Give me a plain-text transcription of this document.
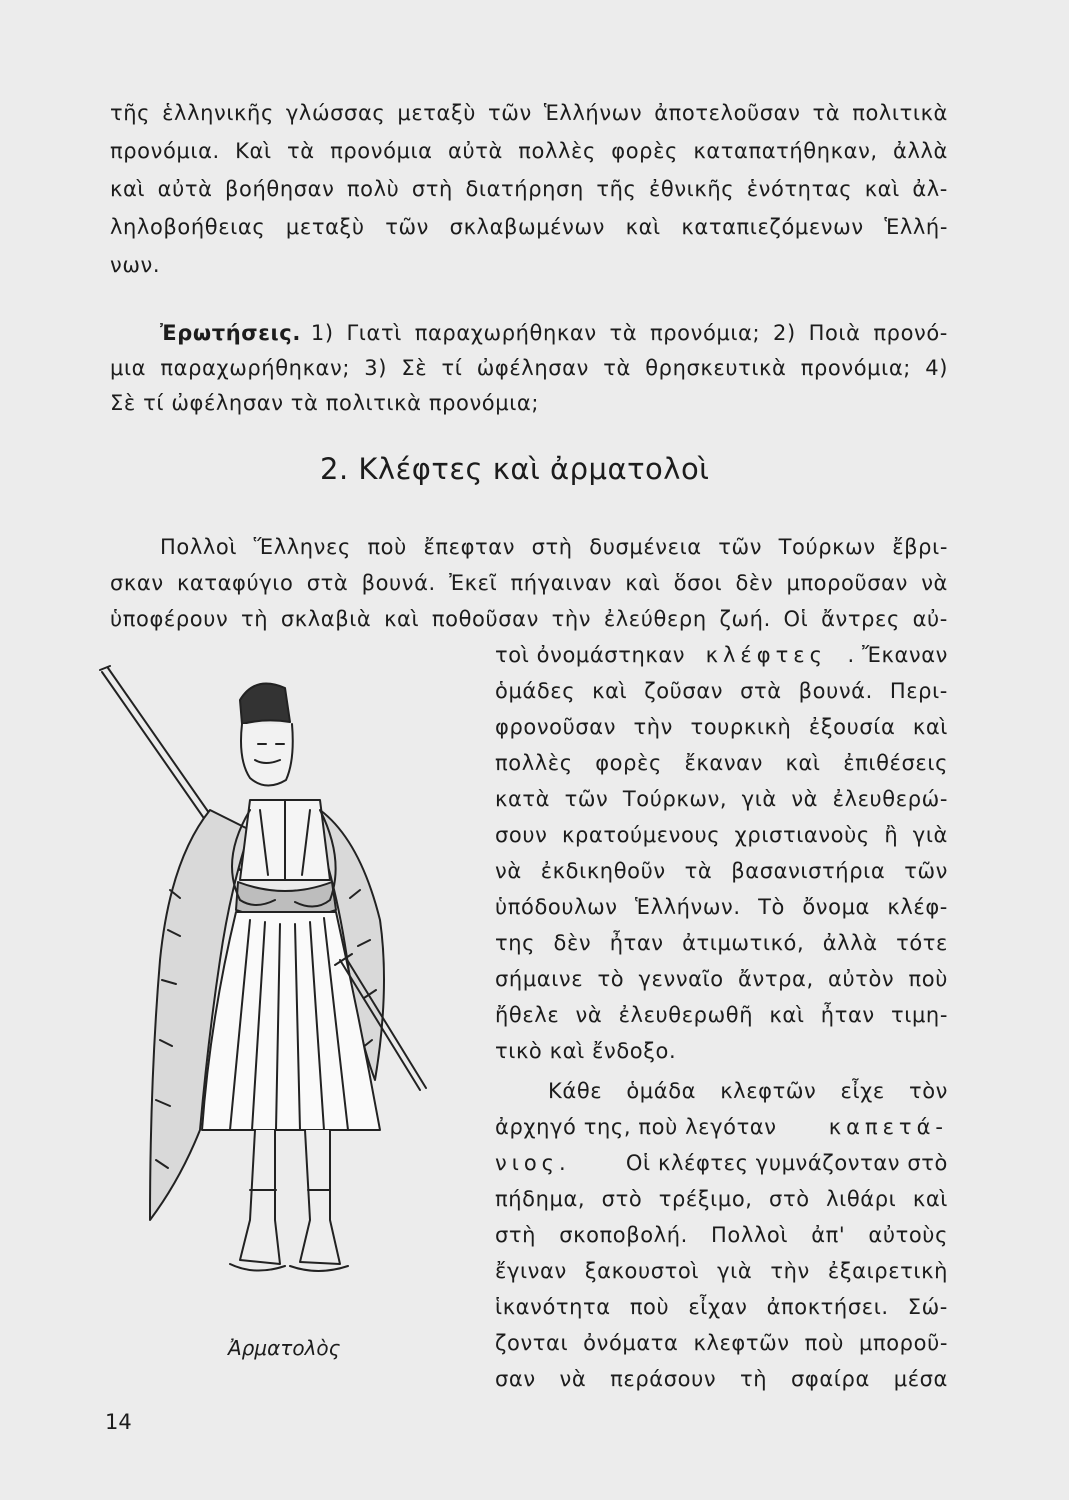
τῆς ἑλληνικῆς γλώσσας μεταξὺ τῶν Ἑλλήνων ἀποτελοῦσαν τὰ πολιτικὰ
προνόμια. Καὶ τὰ προνόμια αὐτὰ πολλὲς φορὲς καταπατήθηκαν, ἀλλὰ
καὶ αὐτὰ βοήθησαν πολὺ στὴ διατήρηση τῆς ἐθνικῆς ἑνότητας καὶ ἀλ-
ληλοβοήθειας μεταξὺ τῶν σκλαβωμένων καὶ καταπιεζόμενων Ἑλλή-
νων.
Ἐρωτήσεις. 1) Γιατὶ παραχωρήθηκαν τὰ προνόμια; 2) Ποιὰ προνό-
μια παραχωρήθηκαν; 3) Σὲ τί ὠφέλησαν τὰ θρησκευτικὰ προνόμια; 4)
Σὲ τί ὠφέλησαν τὰ πολιτικὰ προνόμια;
2. Κλέφτες καὶ ἀρματολοὶ
Πολλοὶ Ἕλληνες ποὺ ἔπεφταν στὴ δυσμένεια τῶν Τούρκων ἔβρι-
σκαν καταφύγιο στὰ βουνά. Ἐκεῖ πήγαιναν καὶ ὅσοι δὲν μποροῦσαν νὰ
ὑποφέρουν τὴ σκλαβιὰ καὶ ποθοῦσαν τὴν ἐλεύθερη ζωή. Οἱ ἄντρες αὐ-
τοὶ ὀνομάστηκαν κλέφτες . Ἔκαναν
ὁμάδες καὶ ζοῦσαν στὰ βουνά. Περι-
φρονοῦσαν τὴν τουρκικὴ ἐξουσία καὶ
πολλὲς φορὲς ἔκαναν καὶ ἐπιθέσεις
κατὰ τῶν Τούρκων, γιὰ νὰ ἐλευθερώ-
σουν κρατούμενους χριστιανοὺς ἢ γιὰ
νὰ ἐκδικηθοῦν τὰ βασανιστήρια τῶν
ὑπόδουλων Ἑλλήνων. Τὸ ὄνομα κλέφ-
της δὲν ἦταν ἀτιμωτικό, ἀλλὰ τότε
σήμαινε τὸ γενναῖο ἄντρα, αὐτὸν ποὺ
ἤθελε νὰ ἐλευθερωθῆ καὶ ἦταν τιμη-
τικὸ καὶ ἔνδοξο.
Κάθε ὁμάδα κλεφτῶν εἶχε τὸν
ἀρχηγό της, ποὺ λεγόταν καπετά-
νιος.	Οἱ κλέφτες γυμνάζονταν στὸ
πήδημα, στὸ τρέξιμο, στὸ λιθάρι καὶ
στὴ σκοποβολή. Πολλοὶ ἀπ' αὐτοὺς
ἔγιναν ξακουστοὶ γιὰ τὴν ἐξαιρετικὴ
ἱκανότητα ποὺ εἶχαν ἀποκτήσει. Σώ-
ζονται ὀνόματα κλεφτῶν ποὺ μποροῦ-
σαν νὰ περάσουν τὴ σφαίρα μέσα
Ἀρματολὸς
14
